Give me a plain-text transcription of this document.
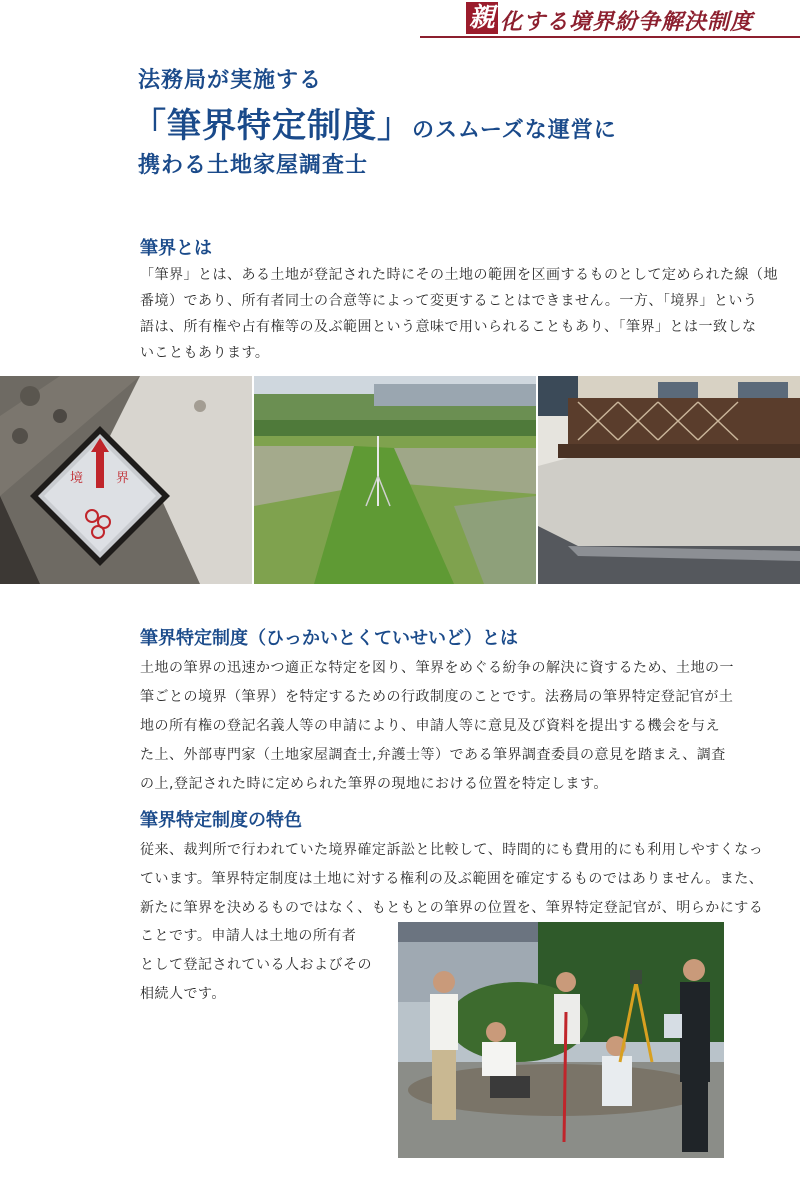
親 化する境界紛争解決制度
法務局が実施する
「筆界特定制度」のスムーズな運営に
携わる土地家屋調査士
筆界とは
「筆界」とは、ある土地が登記された時にその土地の範囲を区画するものとして定められた線（地
番境）であり、所有者同士の合意等によって変更することはできません。一方、「境界」という
語は、所有権や占有権等の及ぶ範囲という意味で用いられることもあり、「筆界」とは一致しな
いこともあります。
境	界
筆界特定制度（ひっかいとくていせいど）とは
土地の筆界の迅速かつ適正な特定を図り、筆界をめぐる紛争の解決に資するため、土地の一
筆ごとの境界（筆界）を特定するための行政制度のことです。法務局の筆界特定登記官が土
地の所有権の登記名義人等の申請により、申請人等に意見及び資料を提出する機会を与え
た上、外部専門家（土地家屋調査士,弁護士等）である筆界調査委員の意見を踏まえ、調査
の上,登記された時に定められた筆界の現地における位置を特定します。
筆界特定制度の特色
従来、裁判所で行われていた境界確定訴訟と比較して、時間的にも費用的にも利用しやすくなっ
ています。筆界特定制度は土地に対する権利の及ぶ範囲を確定するものではありません。また、
新たに筆界を決めるものではなく、もともとの筆界の位置を、筆界特定登記官が、明らかにする
ことです。申請人は土地の所有者
として登記されている人およびその
相続人です。
